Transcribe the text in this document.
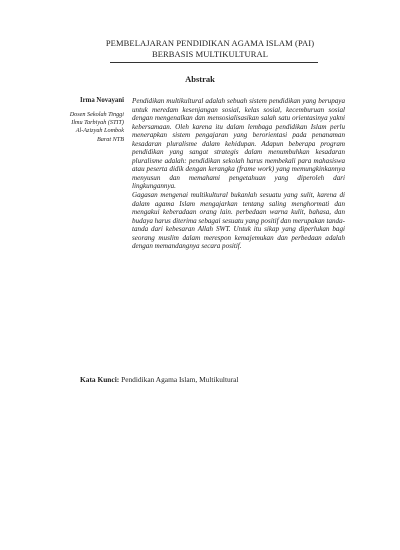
PEMBELAJARAN PENDIDIKAN AGAMA ISLAM (PAI)
BERBASIS MULTIKULTURAL
Abstrak
Irma Novayani
Dosen Sekolah Tinggi
Ilmu Tarbiyah (STIT)
Al-Azizyah Lombok
Barat NTB

Pendidikan multikultural adalah sebuah sistem pendidikan yang berupaya untuk meredam kesenjangan sosial, kelas sosial, kecemburuan sosial dengan mengenalkan dan mensosialisasikan salah satu orientasinya yakni kebersamaan. Oleh karena itu dalam lembaga pendidikan Islam perlu menerapkan sistem pengajaran yang berorientasi pada penanaman kesadaran pluralisme dalam kehidupan. Adapun beberapa program pendidikan yang sangat strategis dalam menumbuhkan kesadaran pluralisme adalah: pendidikan sekolah harus membekali para mahasiswa atau peserta didik dengan kerangka (frame work) yang memungkinkannya menyusun dan memahami pengetahuan yang diperoleh dari lingkungannya.

Gagasan mengenai multikultural bukanlah sesuatu yang sulit, karena di dalam agama Islam mengajarkan tentang saling menghormati dan mengakui keberadaan orang lain. perbedaan warna kulit, bahasa, dan budaya harus diterima sebagai sesuatu yang positif dan merupakan tanda-tanda dari kebesaran Allah SWT. Untuk itu sikap yang diperlukan bagi seorang muslim dalam merespon kemajemukan dan perbedaan adalah dengan memandangnya secara positif.

Kata Kunci: Pendidikan Agama Islam, Multikultural
